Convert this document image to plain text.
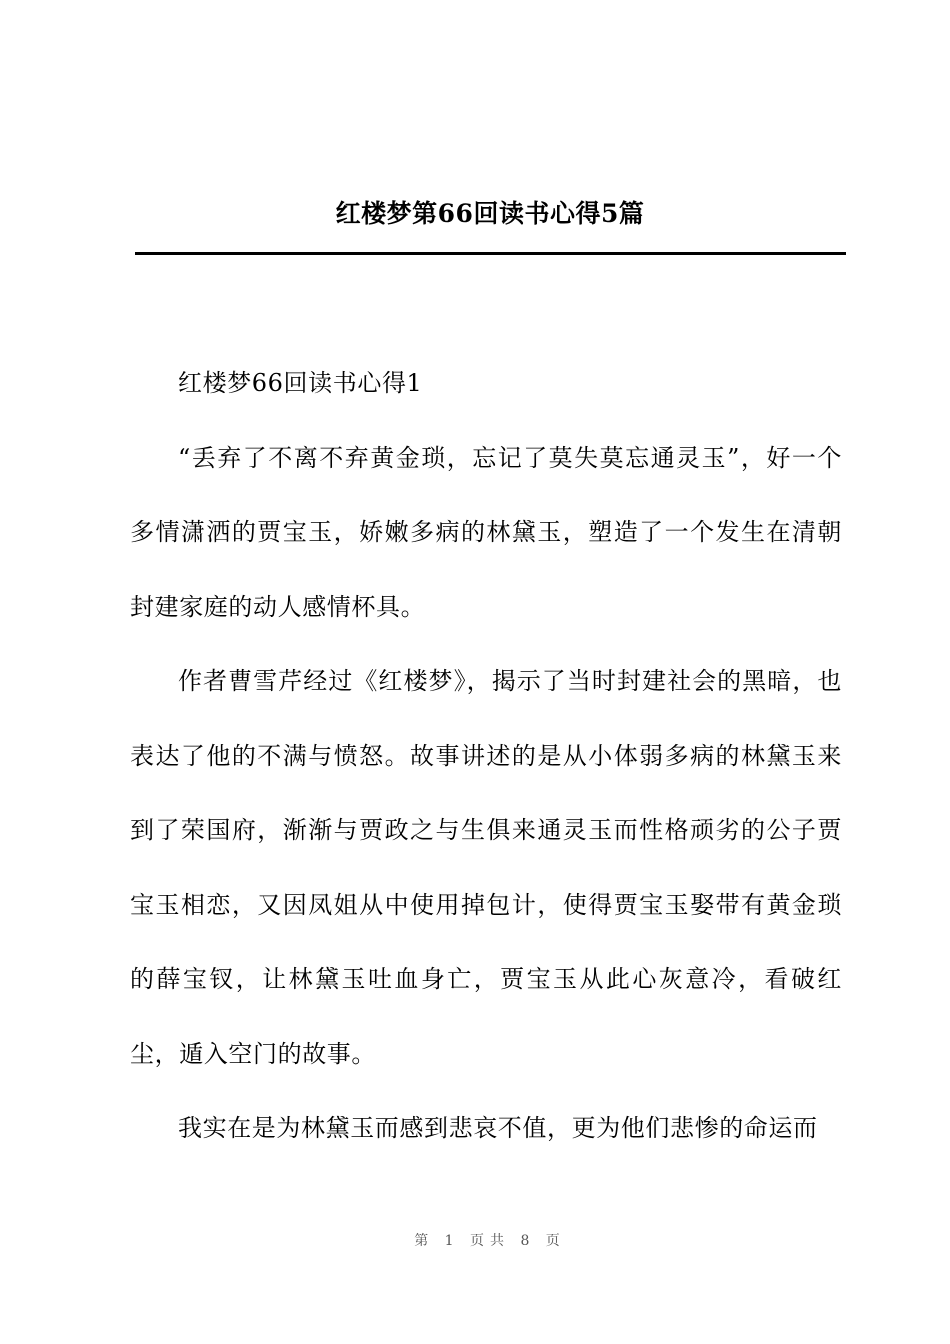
红楼梦第66回读书心得5篇

红楼梦66回读书心得1

“丢弃了不离不弃黄金琐，忘记了莫失莫忘通灵玉”，好一个多情潇洒的贾宝玉，娇嫩多病的林黛玉，塑造了一个发生在清朝封建家庭的动人感情杯具。

作者曹雪芹经过《红楼梦》，揭示了当时封建社会的黑暗，也表达了他的不满与愤怒。故事讲述的是从小体弱多病的林黛玉来到了荣国府，渐渐与贾政之与生俱来通灵玉而性格顽劣的公子贾宝玉相恋，又因凤姐从中使用掉包计，使得贾宝玉娶带有黄金琐的薛宝钗，让林黛玉吐血身亡，贾宝玉从此心灰意冷，看破红尘，遁入空门的故事。

我实在是为林黛玉而感到悲哀不值，更为他们悲惨的命运而

第 1 页共 8 页
